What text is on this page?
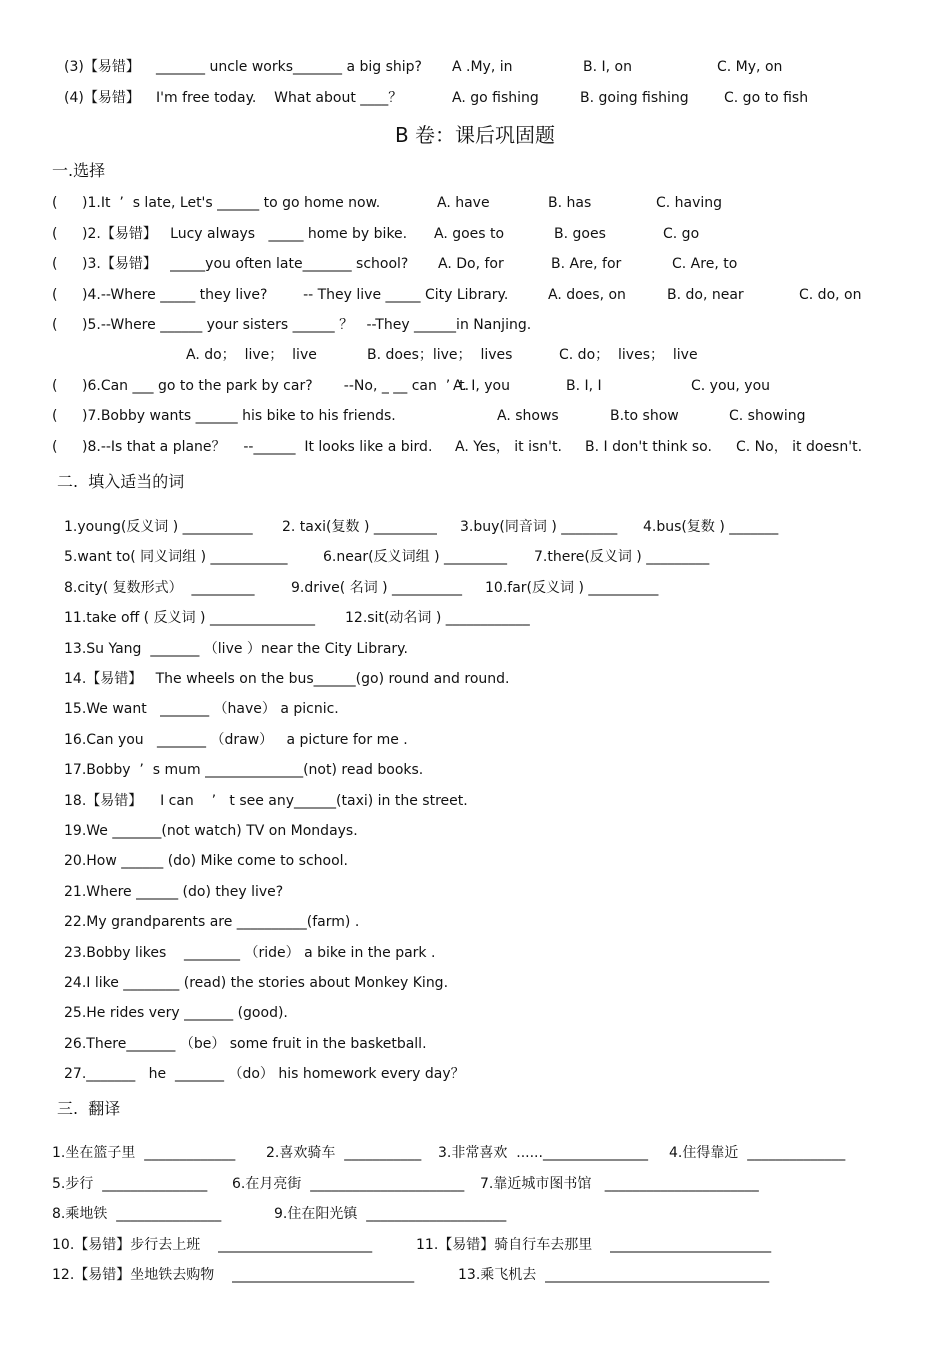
(3)【易错】 _______ uncle works_______ a big ship? A .My, in	B. I, on	C. My, on
(4)【易错】 I'm free today.    What about ____？	A. go fishing	B. going fishing	C. go to fish
B 卷：课后巩固题
一.选择
( )1.It  ’  s late, Let's ______ to go home now.	A. have	B. has	C. having
( )2.【易错】   Lucy always   _____ home by bike. A. goes to	B. goes	C. go
( )3.【易错】   _____you often late_______ school? A. Do, for	B. Are, for	C. Are, to
( )4.--Where _____ they live?        -- They live _____ City Library.	A. does, on	B. do, near	C. do, on
( )5.--Where ______ your sisters ______ ？   --They ______in Nanjing.
A. do；  live；  live	B. does；live；  lives	C. do；  lives；  live
( )6.Can ___ go to the park by car?       --No, _ __ can  ’  t.
A. I, you	B. I, I	C. you, you
( )7.Bobby wants ______ his bike to his friends.	A. shows	B.to show	C. showing
( )8.--Is that a plane？    --______  It looks like a bird. A. Yes， it isn't. B. I don't think so. C. No， it doesn't.
二.  填入适当的词
1.young(反义词 ) __________ 2. taxi(复数 ) _________ 3.buy(同音词 ) ________ 4.bus(复数 ) _______
5.want to( 同义词组 ) ___________	6.near(反义词组 ) _________ 7.there(反义词 ) _________
8.city( 复数形式）  _________	9.drive( 名词 ) __________ 10.far(反义词 ) __________
11.take off ( 反义词 ) _______________ 12.sit(动名词 ) ____________
13.Su Yang  _______ （live ）near the City Library.
14.【易错】   The wheels on the bus______(go) round and round.
15.We want   _______ （have） a picnic.
16.Can you   _______ （draw）   a picture for me .
17.Bobby  ’  s mum ______________(not) read books.
18.【易错】    I can    ’   t see any______(taxi) in the street.
19.We _______(not watch) TV on Mondays.
20.How ______ (do) Mike come to school.
21.Where ______ (do) they live?
22.My grandparents are __________(farm) .
23.Bobby likes    ________ （ride） a bike in the park .
24.I like ________ (read) the stories about Monkey King.
25.He rides very _______ (good).
26.There_______ （be） some fruit in the basketball.
27._______   he  _______ （do） his homework every day？
三.  翻译
1.坐在篮子里  _____________ 2.喜欢骑车  ___________ 3.非常喜欢  ......_______________ 4.住得靠近  ______________
5.步行  _______________ 6.在月亮街  ______________________ 7.靠近城市图书馆   ______________________
8.乘地铁  _______________	9.住在阳光镇  ____________________
10.【易错】步行去上班    ______________________	11.【易错】骑自行车去那里    _______________________
12.【易错】坐地铁去购物    __________________________	13.乘飞机去  ________________________________
